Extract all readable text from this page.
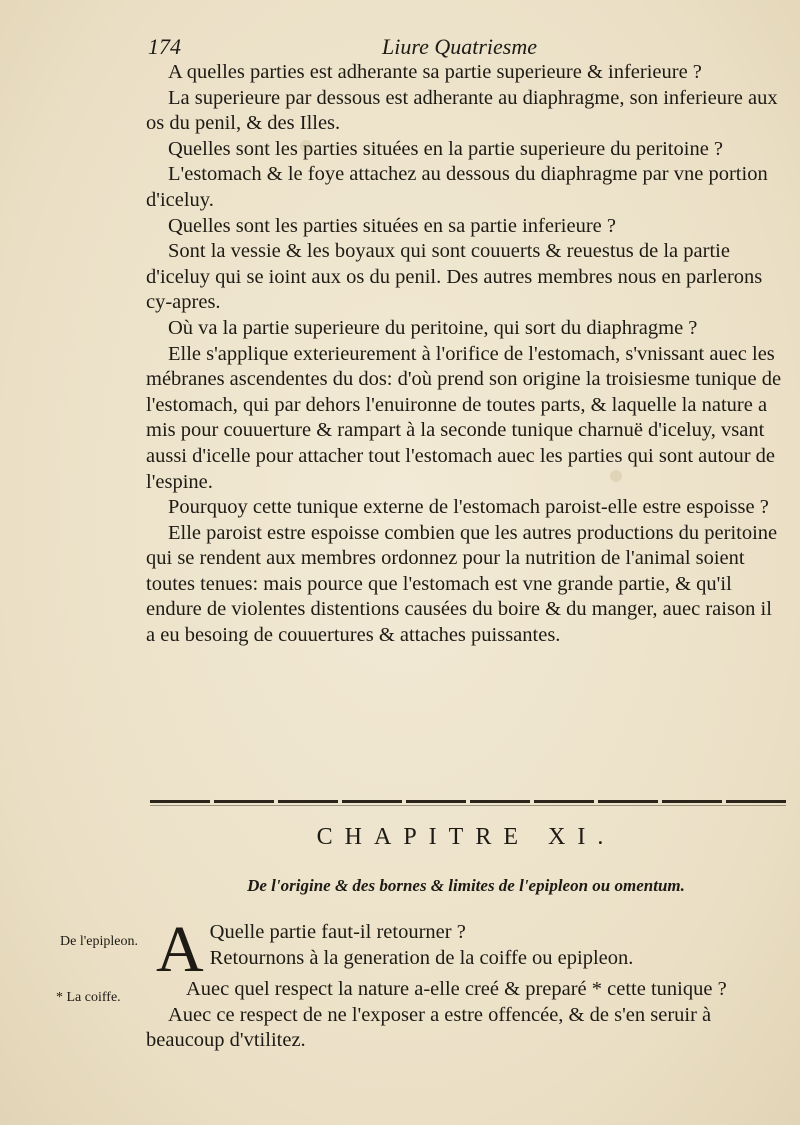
174	Liure Quatriesme

A quelles parties est adherante sa partie superieure & inferieure ?

La superieure par dessous est adherante au diaphragme, son inferieure aux os du penil, & des Illes.

Quelles sont les parties situées en la partie superieure du peritoine ?

L'estomach & le foye attachez au dessous du diaphragme par vne portion d'iceluy.

Quelles sont les parties situées en sa partie inferieure ?

Sont la vessie & les boyaux qui sont couuerts & reuestus de la partie d'iceluy qui se ioint aux os du penil. Des autres membres nous en parlerons cy-apres.

Où va la partie superieure du peritoine, qui sort du diaphragme ?

Elle s'applique exterieurement à l'orifice de l'estomach, s'vnissant auec les mébranes ascendentes du dos: d'où prend son origine la troisiesme tunique de l'estomach, qui par dehors l'enuironne de toutes parts, & laquelle la nature a mis pour couuerture & rampart à la seconde tunique charnuë d'iceluy, vsant aussi d'icelle pour attacher tout l'estomach auec les parties qui sont autour de l'espine.

Pourquoy cette tunique externe de l'estomach paroist-elle estre espoisse ?

Elle paroist estre espoisse combien que les autres productions du peritoine qui se rendent aux membres ordonnez pour la nutrition de l'animal soient toutes tenues: mais pource que l'estomach est vne grande partie, & qu'il endure de violentes distentions causées du boire & du manger, auec raison il a eu besoing de couuertures & attaches puissantes.

CHAPITRE XI.
De l'origine & des bornes & limites de l'epipleon ou omentum.
De l'epipleon.
* La coiffe.
A Quelle partie faut-il retourner ?

Retournons à la generation de la coiffe ou epipleon.

Auec quel respect la nature a-elle creé & preparé * cette tunique ?

Auec ce respect de ne l'exposer a estre offencée, & de s'en seruir à beaucoup d'vtilitez.
